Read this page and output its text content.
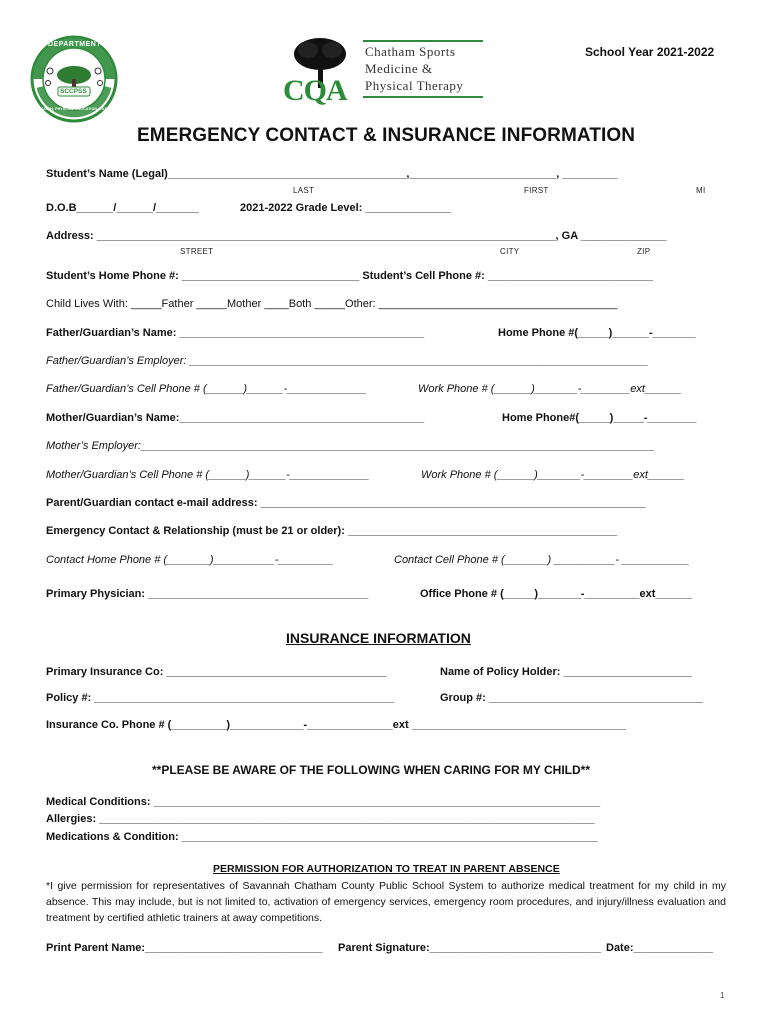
DEPARTMENT OF
SCCPSS
HEALTH, PHYSICAL EDUCATION & ATHLETICS
CQA
Chatham Sports
Medicine &
Physical Therapy
School Year 2021-2022
EMERGENCY CONTACT & INSURANCE INFORMATION
Student’s Name (Legal)_______________________________________,________________________, _________
LAST	FIRST	MI
D.O.B______/______/_______	2021-2022 Grade Level: ______________
Address: ___________________________________________________________________________, GA ______________
STREET	CITY	ZIP
Student’s Home Phone #: _____________________________ Student’s Cell Phone #: ___________________________
Child Lives With: _____Father _____Mother ____Both _____Other: _______________________________________
Father/Guardian’s Name: ________________________________________	Home Phone #(_____)______-_______
Father/Guardian’s Employer: ___________________________________________________________________________
Father/Guardian’s Cell Phone # (______)______-_____________	Work Phone # (______)_______-________ext______
Mother/Guardian’s Name:________________________________________	Home Phone#(_____)_____-________
Mother’s Employer:____________________________________________________________________________________
Mother/Guardian’s Cell Phone # (______)______-_____________	Work Phone # (______)_______-________ext______
Parent/Guardian contact e-mail address: _______________________________________________________________
Emergency Contact & Relationship (must be 21 or older): ____________________________________________
Contact Home Phone # (_______)__________-_________	Contact Cell Phone # (_______) __________- ___________
Primary Physician: ____________________________________	Office Phone # (_____)_______-_________ext______
INSURANCE INFORMATION
Primary Insurance Co: ____________________________________	Name of Policy Holder: _____________________
Policy #: _________________________________________________	Group #: ___________________________________
Insurance Co. Phone # (_________)____________-______________ext ___________________________________
**PLEASE BE AWARE OF THE FOLLOWING WHEN CARING FOR MY CHILD**
Medical Conditions: _________________________________________________________________________
Allergies: _________________________________________________________________________________
Medications & Condition: ____________________________________________________________________
PERMISSION FOR AUTHORIZATION TO TREAT IN PARENT ABSENCE
*I give permission for representatives of Savannah Chatham County Public School System to authorize medical treatment for my child in my absence. This may include, but is not limited to, activation of emergency services, emergency room procedures, and injury/illness evaluation and treatment by certified athletic trainers at away competitions.
Print Parent Name:_____________________________ Parent Signature:____________________________ Date:_____________
1
